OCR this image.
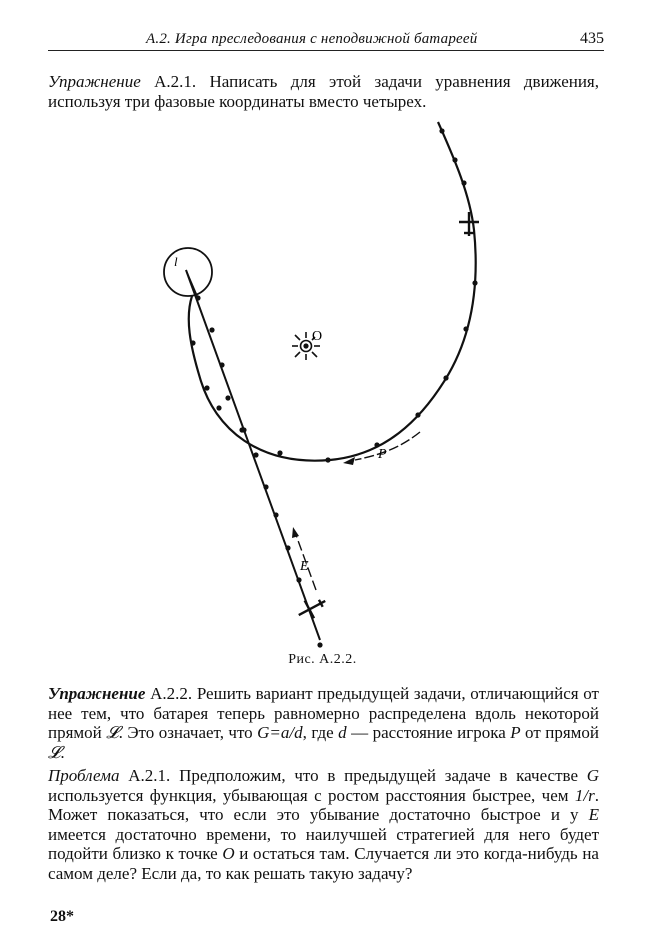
А.2. Игра преследования с неподвижной батареей	435

Упражнение А.2.1. Написать для этой задачи уравнения движения, используя три фазовые координаты вместо четырех.

l
O
P
E
Рис. А.2.2.

Упражнение А.2.2. Решить вариант предыдущей задачи, отличающийся от нее тем, что батарея теперь равномерно распределена вдоль некоторой прямой 𝓛. Это означает, что G=a/d, где d — расстояние игрока P от прямой 𝓛.

Проблема А.2.1. Предположим, что в предыдущей задаче в качестве G используется функция, убывающая с ростом расстояния быстрее, чем 1/r. Может показаться, что если это убывание достаточно быстрое и у E имеется достаточно времени, то наилучшей стратегией для него будет подойти близко к точке O и остаться там. Случается ли это когда-нибудь на самом деле? Если да, то как решать такую задачу?

28*
